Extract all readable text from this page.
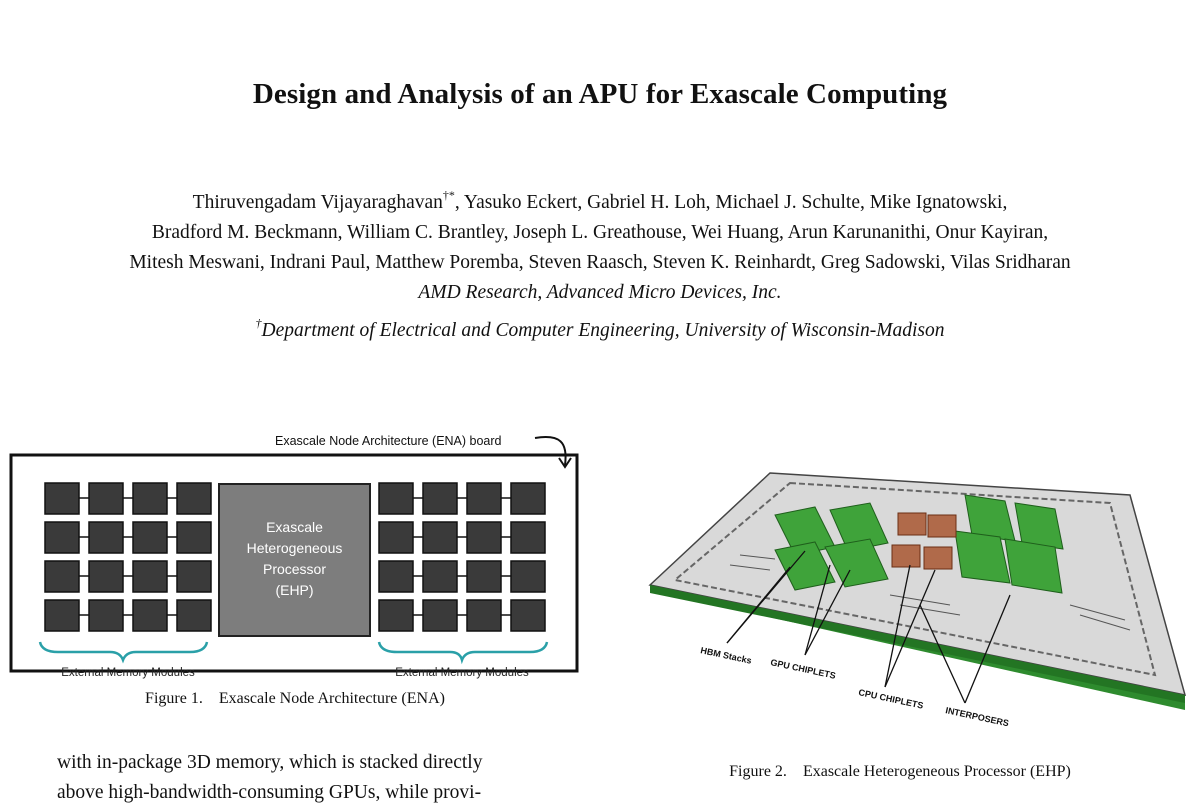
Design and Analysis of an APU for Exascale Computing
Thiruvengadam Vijayaraghavan†*, Yasuko Eckert, Gabriel H. Loh, Michael J. Schulte, Mike Ignatowski,
Bradford M. Beckmann, William C. Brantley, Joseph L. Greathouse, Wei Huang, Arun Karunanithi, Onur Kayiran,
Mitesh Meswani, Indrani Paul, Matthew Poremba, Steven Raasch, Steven K. Reinhardt, Greg Sadowski, Vilas Sridharan
AMD Research, Advanced Micro Devices, Inc.
†Department of Electrical and Computer Engineering, University of Wisconsin-Madison
Exascale Node Architecture (ENA) board
Exascale
Heterogeneous
Processor
(EHP)
External Memory Modules	External Memory Modules
Figure 1. Exascale Node Architecture (ENA)
HBM Stacks
GPU CHIPLETS
CPU CHIPLETS
INTERPOSERS
Figure 2. Exascale Heterogeneous Processor (EHP)
with in-package 3D memory, which is stacked directly
above high-bandwidth-consuming GPUs, while provi-
